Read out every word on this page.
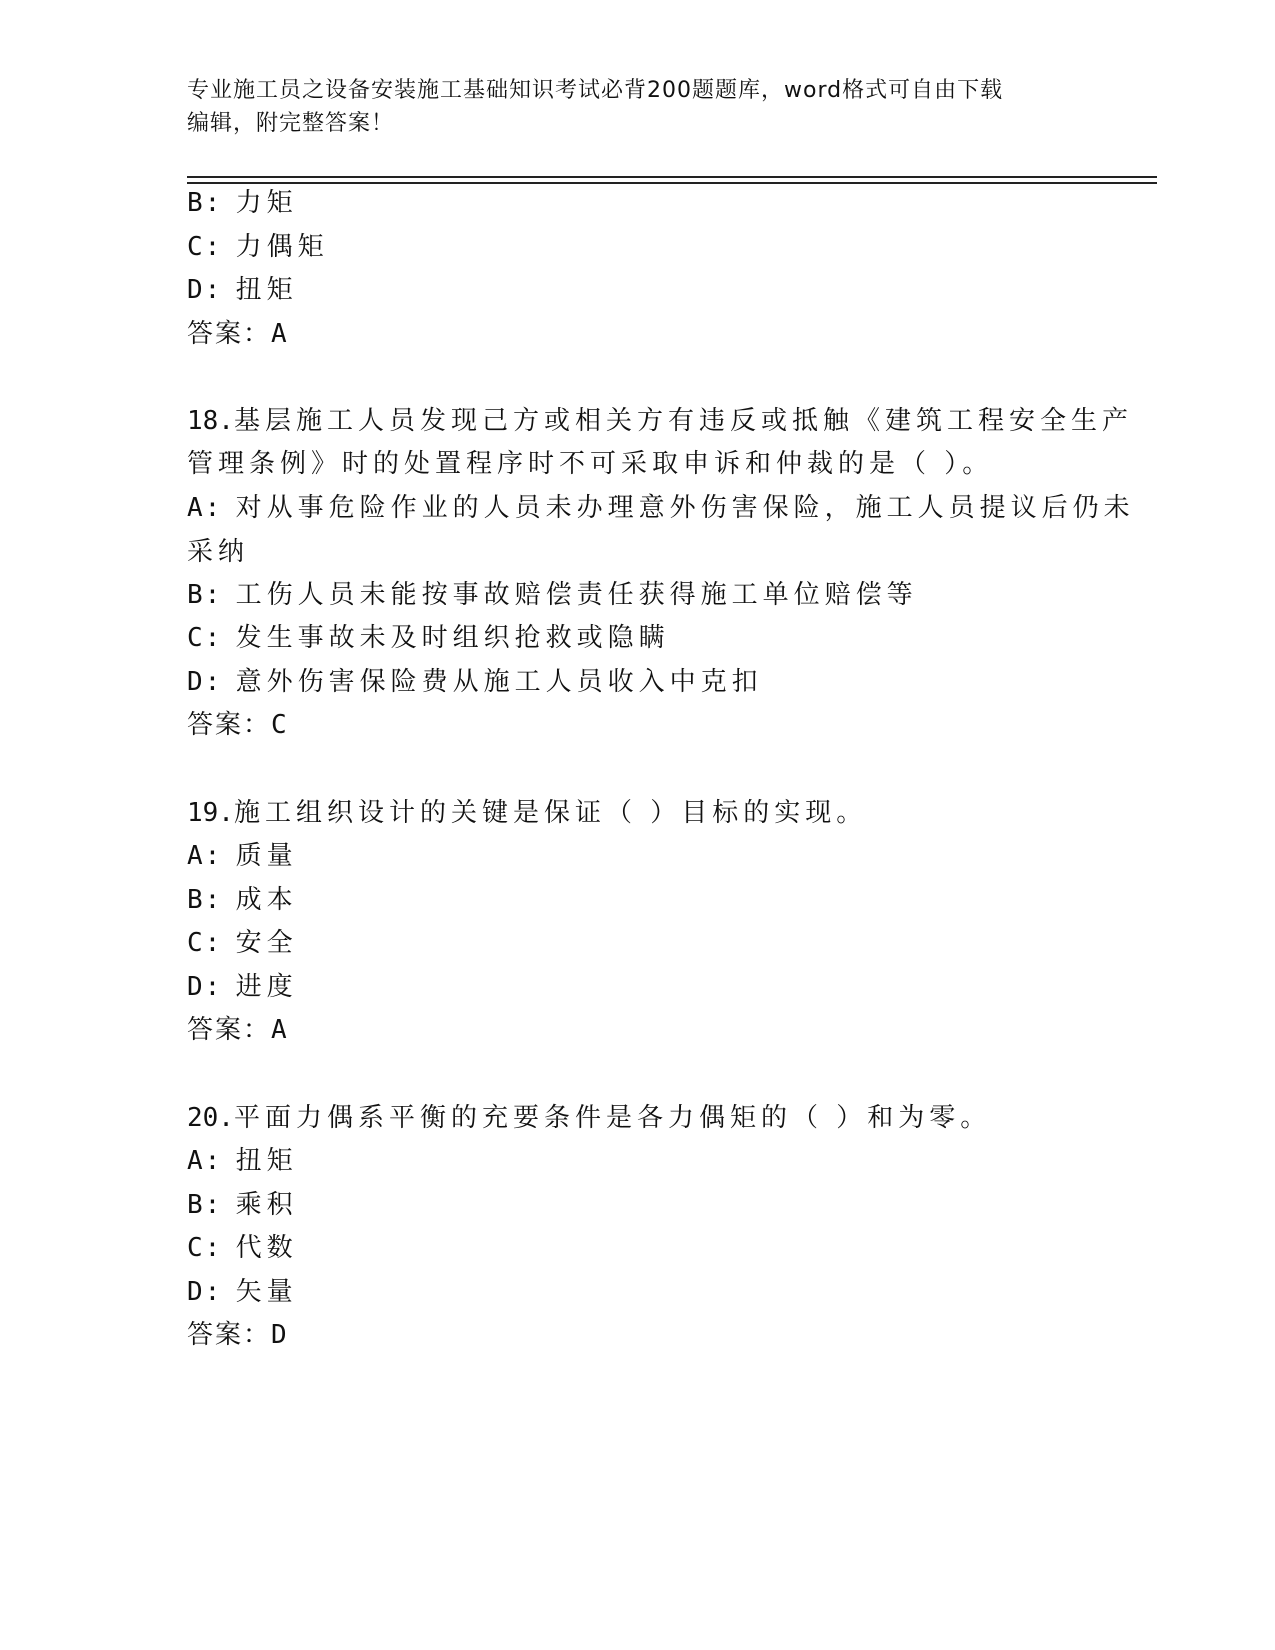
专业施工员之设备安装施工基础知识考试必背200题题库，word格式可自由下载
编辑，附完整答案！
B: 力矩
C: 力偶矩
D: 扭矩
答案：A
18.基层施工人员发现己方或相关方有违反或抵触《建筑工程安全生产
管理条例》时的处置程序时不可采取申诉和仲裁的是（ ）。
A: 对从事危险作业的人员未办理意外伤害保险，施工人员提议后仍未
采纳
B: 工伤人员未能按事故赔偿责任获得施工单位赔偿等
C: 发生事故未及时组织抢救或隐瞒
D: 意外伤害保险费从施工人员收入中克扣
答案：C
19.施工组织设计的关键是保证（ ）目标的实现。
A: 质量
B: 成本
C: 安全
D: 进度
答案：A
20.平面力偶系平衡的充要条件是各力偶矩的（ ）和为零。
A: 扭矩
B: 乘积
C: 代数
D: 矢量
答案：D
